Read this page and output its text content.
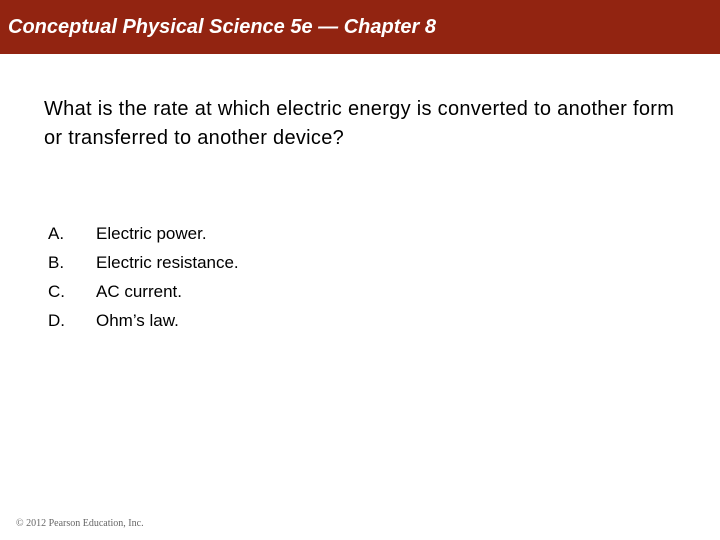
Conceptual Physical Science 5e — Chapter 8
What is the rate at which electric energy is converted to another form or transferred to another device?
A.	Electric power.
B.	Electric resistance.
C.	AC current.
D.	Ohm’s law.
© 2012 Pearson Education, Inc.
